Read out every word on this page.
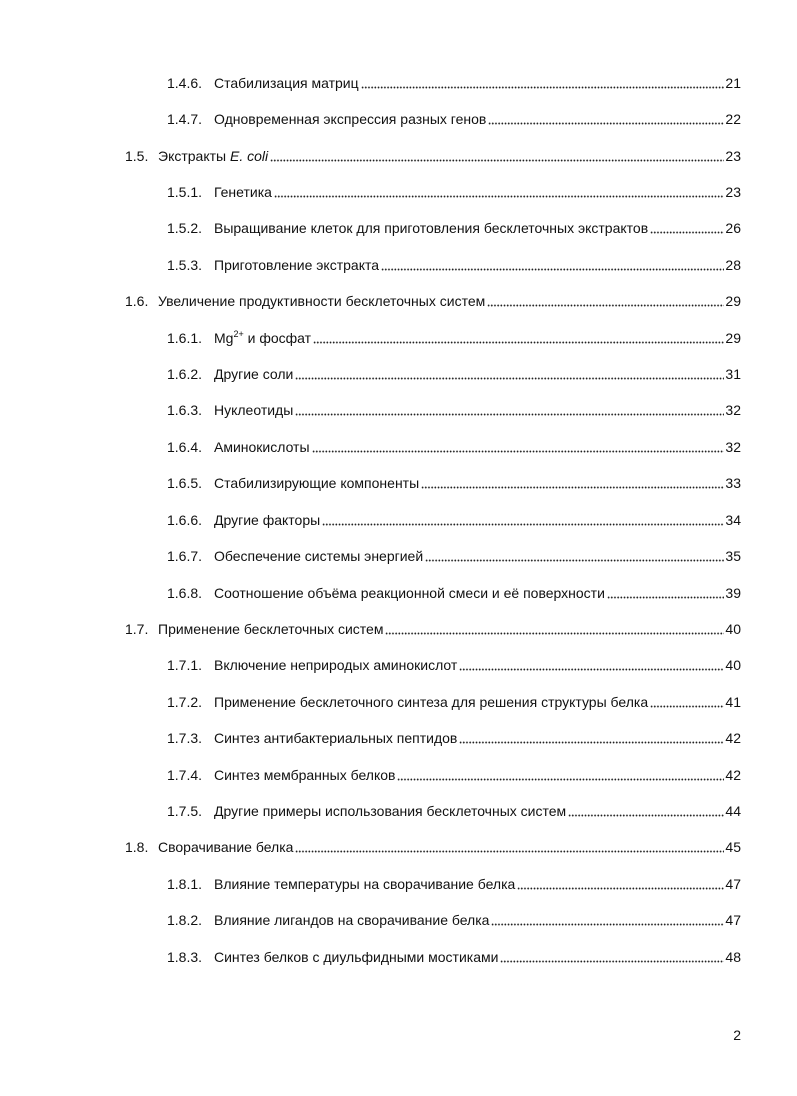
1.4.6. Стабилизация матриц	21
1.4.7. Одновременная экспрессия разных генов	22
1.5. Экстракты E. coli	23
1.5.1. Генетика	23
1.5.2. Выращивание клеток для приготовления бесклеточных экстрактов	26
1.5.3. Приготовление экстракта	28
1.6. Увеличение продуктивности бесклеточных систем	29
1.6.1. $Mg^{2+}$ и фосфат	29
1.6.2. Другие соли	31
1.6.3. Нуклеотиды	32
1.6.4. Аминокислоты	32
1.6.5. Стабилизирующие компоненты	33
1.6.6. Другие факторы	34
1.6.7. Обеспечение системы энергией	35
1.6.8. Соотношение объёма реакционной смеси и её поверхности	39
1.7. Применение бесклеточных систем	40
1.7.1. Включение неприродых аминокислот	40
1.7.2. Применение бесклеточного синтеза для решения структуры белка	41
1.7.3. Синтез антибактериальных пептидов	42
1.7.4. Синтез мембранных белков	42
1.7.5. Другие примеры использования бесклеточных систем	44
1.8. Сворачивание белка	45
1.8.1. Влияние температуры на сворачивание белка	47
1.8.2. Влияние лигандов на сворачивание белка	47
1.8.3. Синтез белков с диульфидными мостиками	48
2
